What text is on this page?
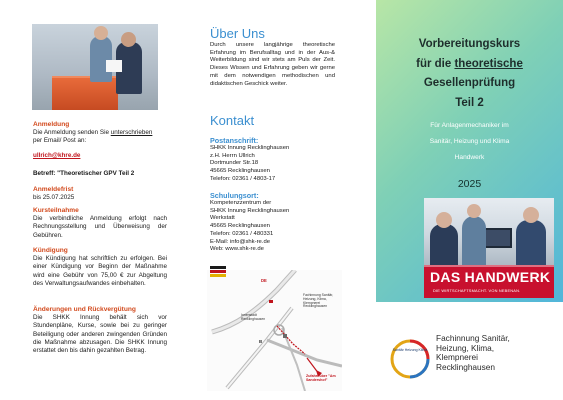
Anmeldung
Die Anmeldung senden Sie unterschrieben
per Email/ Post an:
ullrich@khre.de
Betreff: "Theoretischer GPV Teil 2
Anmeldefrist
bis 25.07.2025
Kursteilnahme
Die verbindliche Anmeldung erfolgt nach Rechnungsstellung und Überweisung der Gebühren.
Kündigung
Die Kündigung hat schriftlich zu erfolgen. Bei einer Kündigung vor Beginn der Maßnahme wird eine Gebühr von 75,00 € zur Abgeltung des Verwaltungsaufwandes einbehalten.
Änderungen und Rückvergütung
Die SHKK Innung behält sich vor Stundenpläne, Kurse, sowie bei zu geringer Beteiligung oder anderen zwingenden Gründen die Maßnahme abzusagen. Die SHKK Innung erstattet den bis dahin gezahlten Betrag.
Über Uns
Durch unsere langjährige theoretische Erfahrung im Berufsalltag und in der Aus-& Weiterbildung sind wir stets am Puls der Zeit. Dieses Wissen und Erfahrung geben wir gerne mit dem notwendigen methodischen und didaktischen Geschick weiter.
Kontakt
Postanschrift:
SHKK Innung Recklinghausen
z.H. Herrn Ullrich
Dortmunder Str.18
45665 Recklinghausen
Telefon: 02361 / 4803-17
Schulungsort:
Kompetenzzentrum der
SHKK Innung Recklinghausen
Werkstatt
45665 Recklinghausen
Telefon: 02361 / 480331
E-Mail: info@shk-re.de
Web: www.shk-re.de
DE
Innenstadt Recklinghausen
Fachinnung Sanitär, Heizung, Klima, Klempnerei Recklinghausen
B
Zufahrt über "Am Sandershof"
Vorbereitungskurs
für die theoretische
Gesellenprüfung
Teil 2
Für Anlagenmechaniker im
Sanitär, Heizung und Klima
Handwerk
2025
DAS HANDWERK
DIE WIRTSCHAFTSMACHT. VON NEBENAN.
Sanitär Heizung Klima
Fachinnung Sanitär,
Heizung, Klima,
Klempnerei
Recklinghausen
